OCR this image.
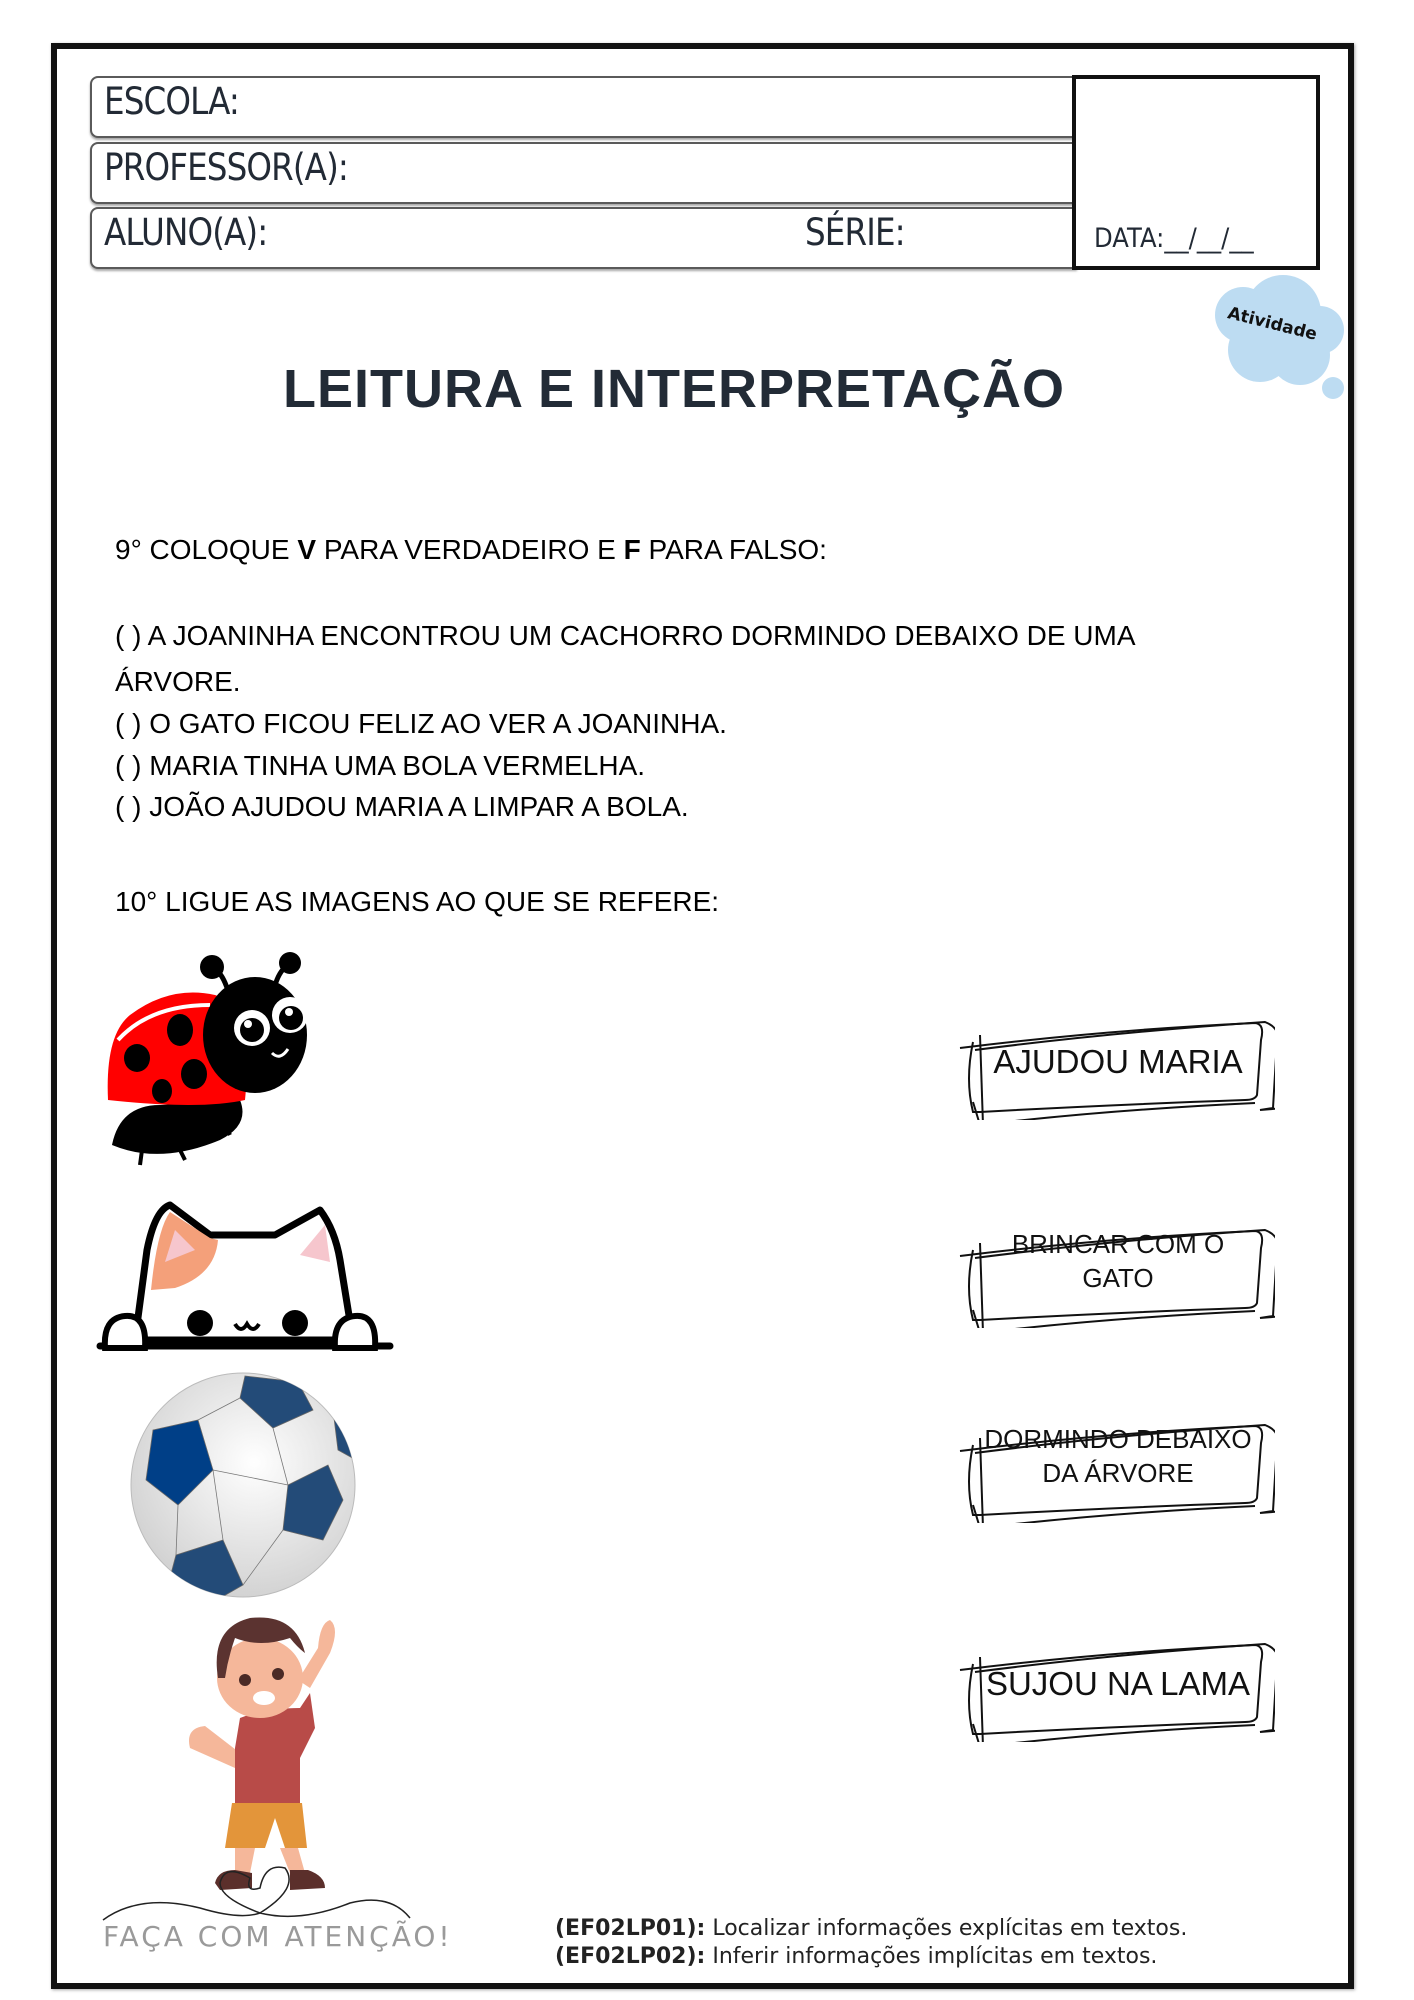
ESCOLA:
PROFESSOR(A):
ALUNO(A):	SÉRIE:	DATA:__/__/__
Atividade
LEITURA E INTERPRETAÇÃO
9° COLOQUE V PARA VERDADEIRO E F PARA FALSO:
( ) A JOANINHA ENCONTROU UM CACHORRO DORMINDO DEBAIXO DE UMA
ÁRVORE.
( ) O GATO FICOU FELIZ AO VER A JOANINHA.
( ) MARIA TINHA UMA BOLA VERMELHA.
( ) JOÃO AJUDOU MARIA A LIMPAR A BOLA.
10° LIGUE AS IMAGENS AO QUE SE REFERE:
AJUDOU MARIA
BRINCAR COM O GATO
DORMINDO DEBAIXO DA ÁRVORE
SUJOU NA LAMA
FAÇA COM ATENÇÃO!	(EF02LP01): Localizar informações explícitas em textos.
(EF02LP02): Inferir informações implícitas em textos.
